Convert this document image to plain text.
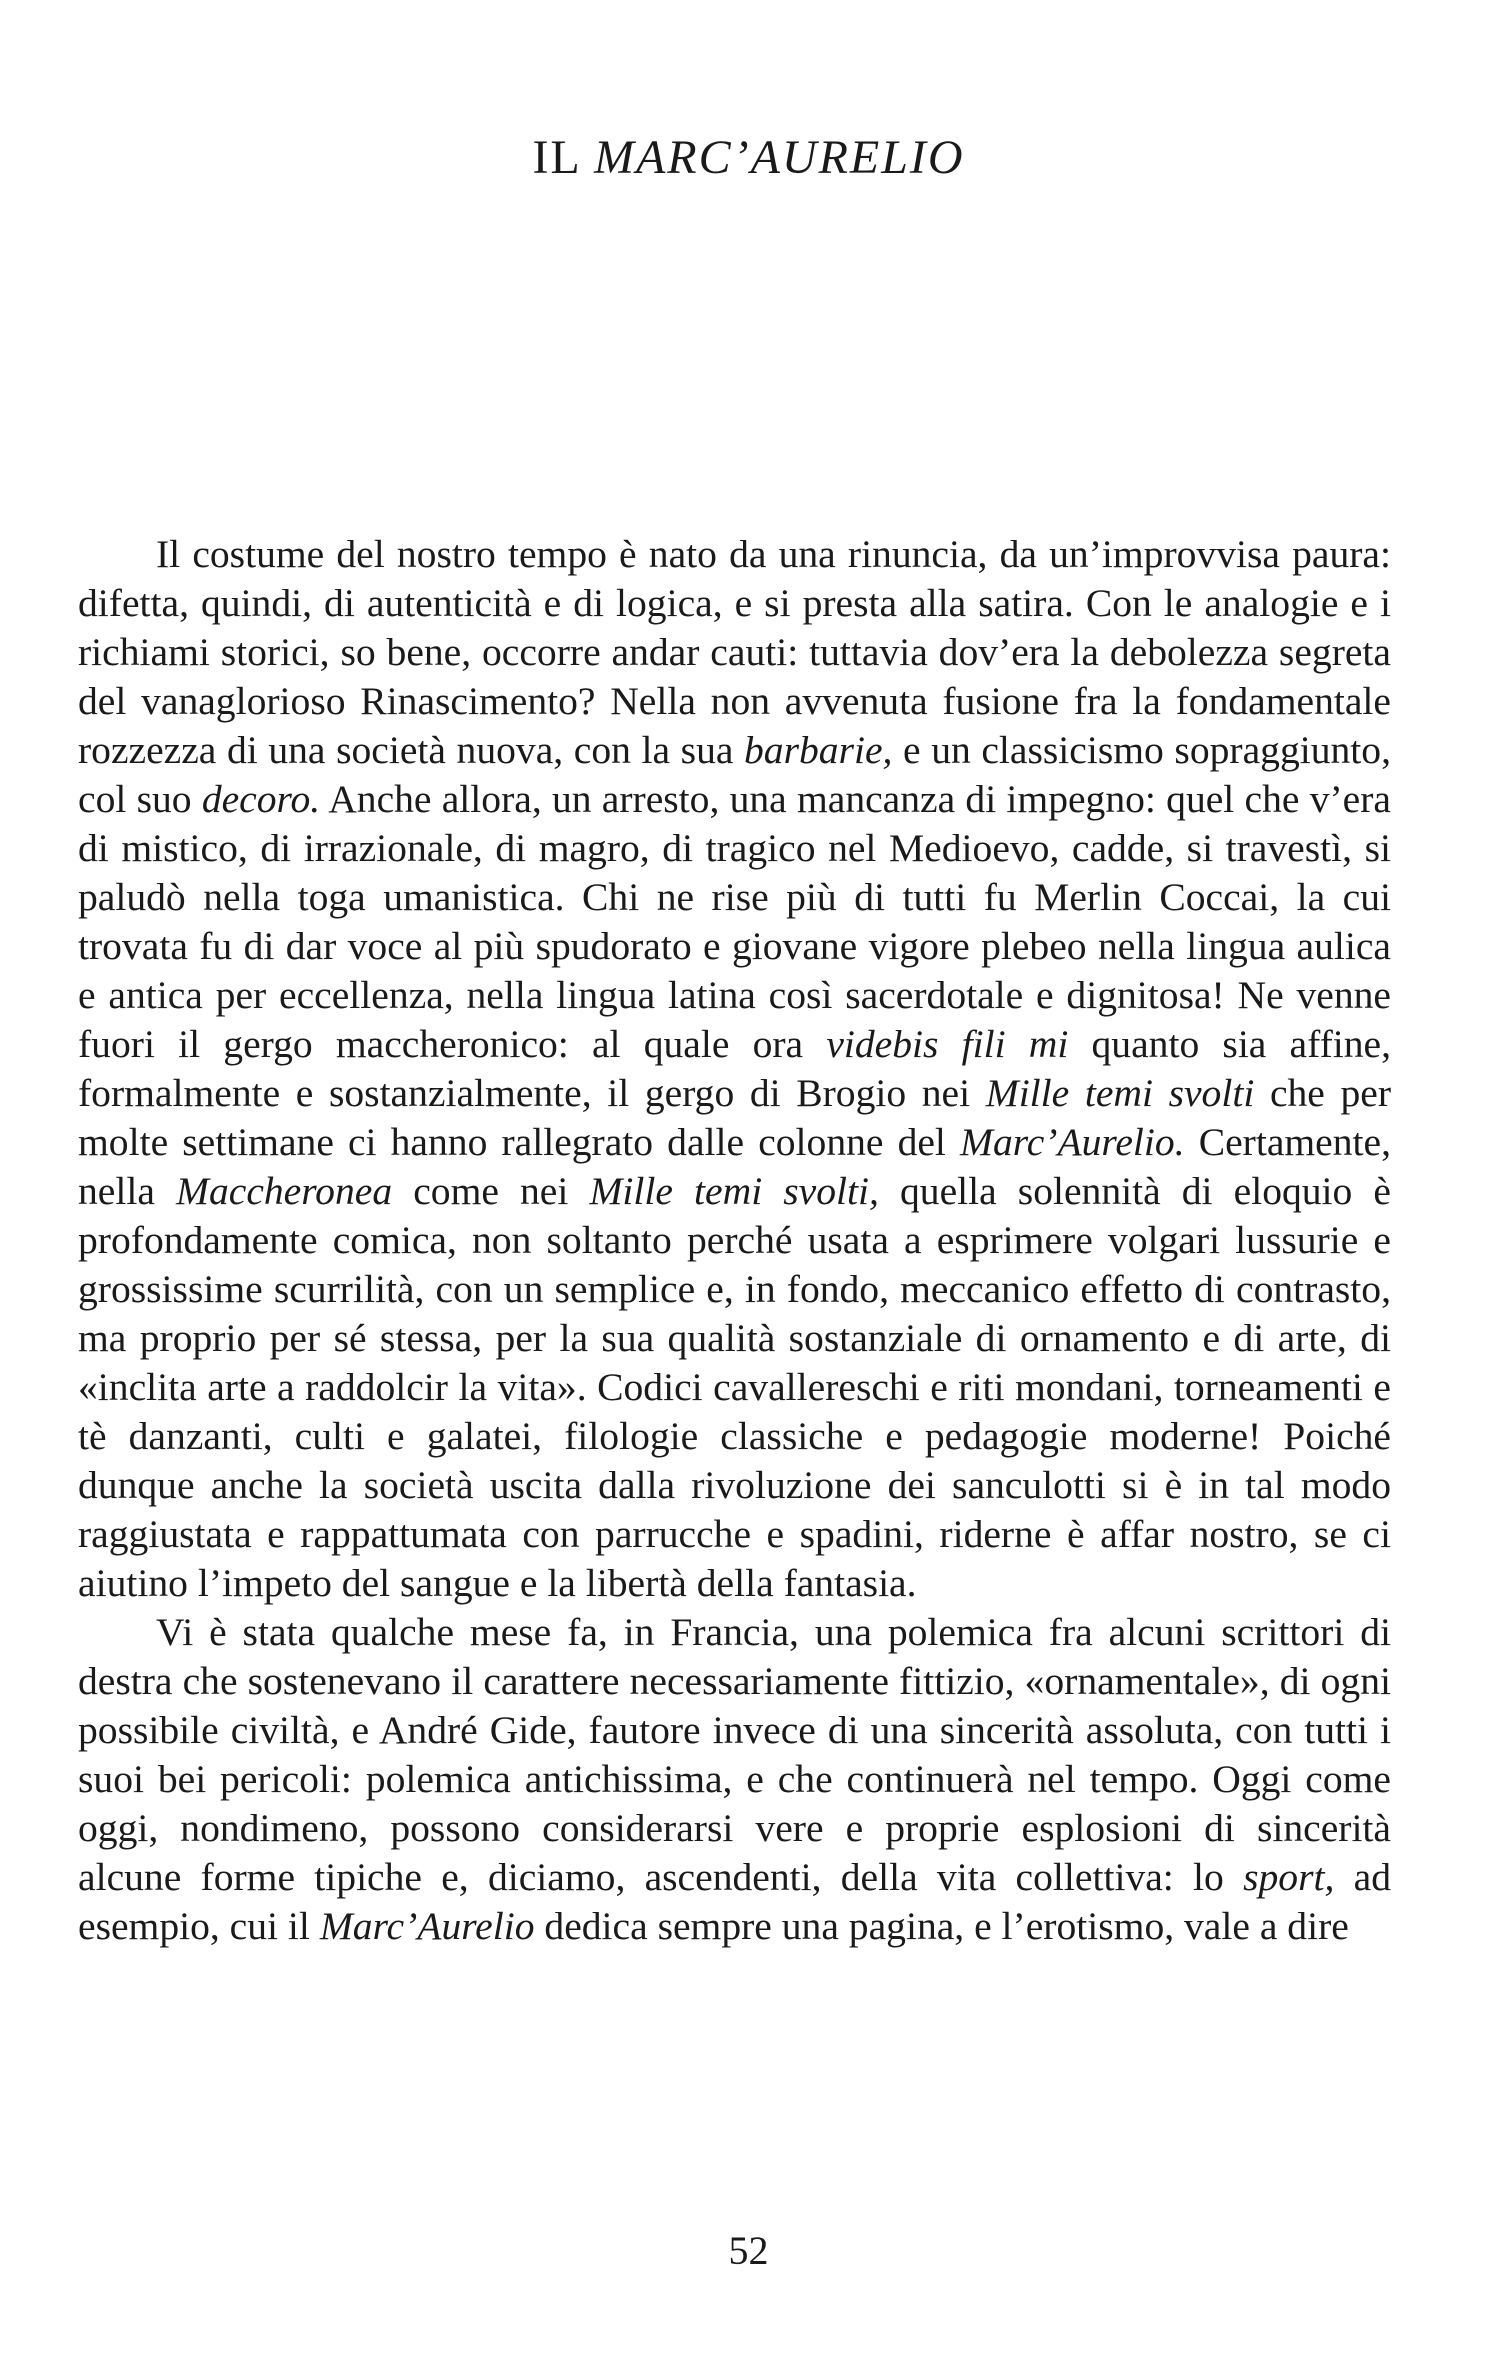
IL MARC’AURELIO

Il costume del nostro tempo è nato da una rinuncia, da un’improvvisa paura: difetta, quindi, di autenticità e di logica, e si presta alla satira. Con le analogie e i richiami storici, so bene, occorre andar cauti: tuttavia dov’era la debolezza segreta del vanaglorioso Rinascimento? Nella non avvenuta fusione fra la fondamentale rozzezza di una società nuova, con la sua barbarie, e un classicismo sopraggiunto, col suo decoro. Anche allora, un arresto, una mancanza di impegno: quel che v’era di mistico, di irrazionale, di magro, di tragico nel Medioevo, cadde, si travestì, si paludò nella toga umanistica. Chi ne rise più di tutti fu Merlin Coccai, la cui trovata fu di dar voce al più spudorato e giovane vigore plebeo nella lingua aulica e antica per eccellenza, nella lingua latina così sacerdotale e dignitosa! Ne venne fuori il gergo maccheronico: al quale ora videbis fili mi quanto sia affine, formalmente e sostanzialmente, il gergo di Brogio nei Mille temi svolti che per molte settimane ci hanno rallegrato dalle colonne del Marc’Aurelio. Certamente, nella Maccheronea come nei Mille temi svolti, quella solennità di eloquio è profondamente comica, non soltanto perché usata a esprimere volgari lussurie e grossissime scurrilità, con un semplice e, in fondo, meccanico effetto di contrasto, ma proprio per sé stessa, per la sua qualità sostanziale di ornamento e di arte, di «inclita arte a raddolcir la vita». Codici cavallereschi e riti mondani, torneamenti e tè danzanti, culti e galatei, filologie classiche e pedagogie moderne! Poiché dunque anche la società uscita dalla rivoluzione dei sanculotti si è in tal modo raggiustata e rappattumata con parrucche e spadini, riderne è affar nostro, se ci aiutino l’impeto del sangue e la libertà della fantasia.

Vi è stata qualche mese fa, in Francia, una polemica fra alcuni scrittori di destra che sostenevano il carattere necessariamente fittizio, «ornamentale», di ogni possibile civiltà, e André Gide, fautore invece di una sincerità assoluta, con tutti i suoi bei pericoli: polemica antichissima, e che continuerà nel tempo. Oggi come oggi, nondimeno, possono considerarsi vere e proprie esplosioni di sincerità alcune forme tipiche e, diciamo, ascendenti, della vita collettiva: lo sport, ad esempio, cui il Marc’Aurelio dedica sempre una pagina, e l’erotismo, vale a dire

52
